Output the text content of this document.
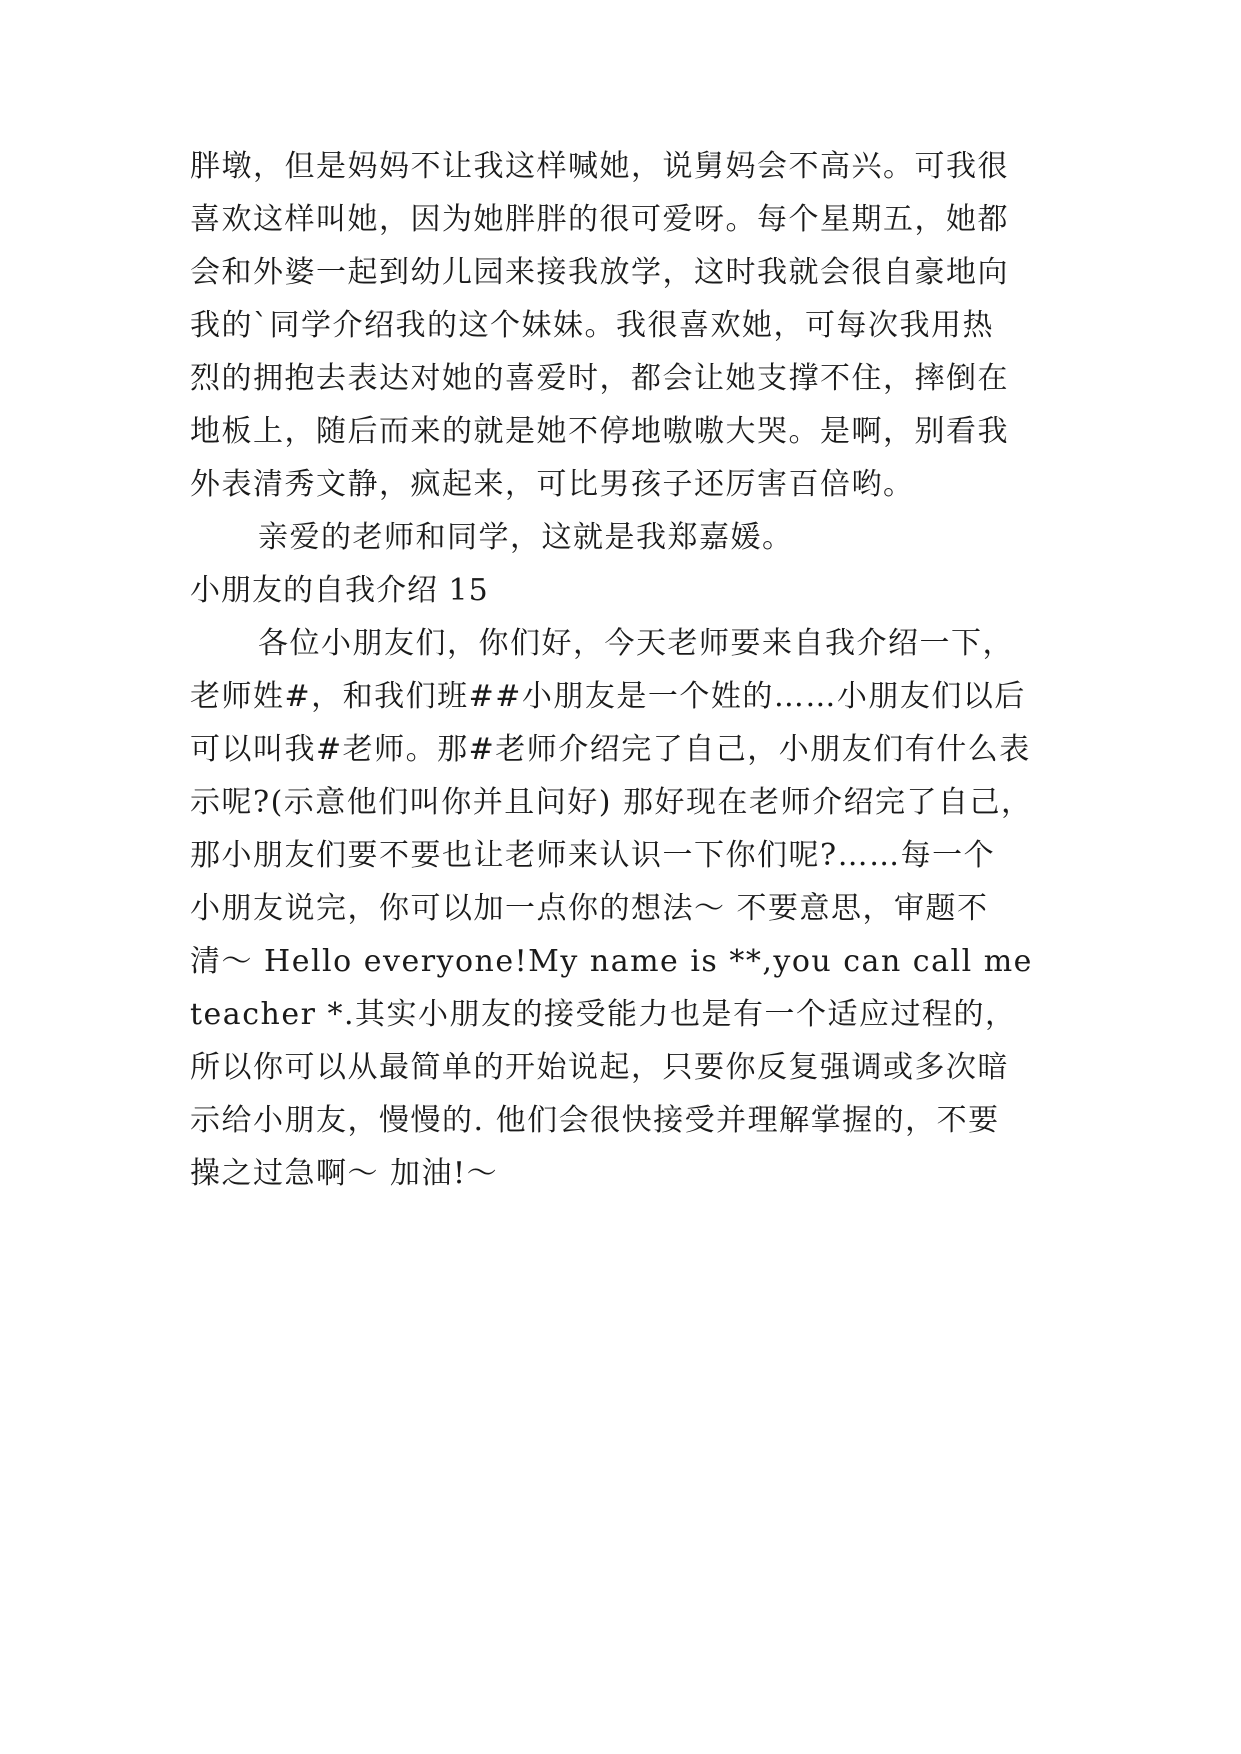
胖墩，但是妈妈不让我这样喊她，说舅妈会不高兴。可我很
喜欢这样叫她，因为她胖胖的很可爱呀。每个星期五，她都
会和外婆一起到幼儿园来接我放学，这时我就会很自豪地向
我的`同学介绍我的这个妹妹。我很喜欢她，可每次我用热
烈的拥抱去表达对她的喜爱时，都会让她支撑不住，摔倒在
地板上，随后而来的就是她不停地嗷嗷大哭。是啊，别看我
外表清秀文静，疯起来，可比男孩子还厉害百倍哟。
亲爱的老师和同学，这就是我郑嘉媛。
小朋友的自我介绍 15
各位小朋友们，你们好，今天老师要来自我介绍一下，
老师姓#，和我们班##小朋友是一个姓的……小朋友们以后
可以叫我#老师。那#老师介绍完了自己，小朋友们有什么表
示呢?(示意他们叫你并且问好) 那好现在老师介绍完了自己，
那小朋友们要不要也让老师来认识一下你们呢?……每一个
小朋友说完，你可以加一点你的想法～ 不要意思，审题不
清～ Hello everyone!My name is **,you can call me
teacher *.其实小朋友的接受能力也是有一个适应过程的，
所以你可以从最简单的开始说起，只要你反复强调或多次暗
示给小朋友，慢慢的. 他们会很快接受并理解掌握的，不要
操之过急啊～ 加油!～
